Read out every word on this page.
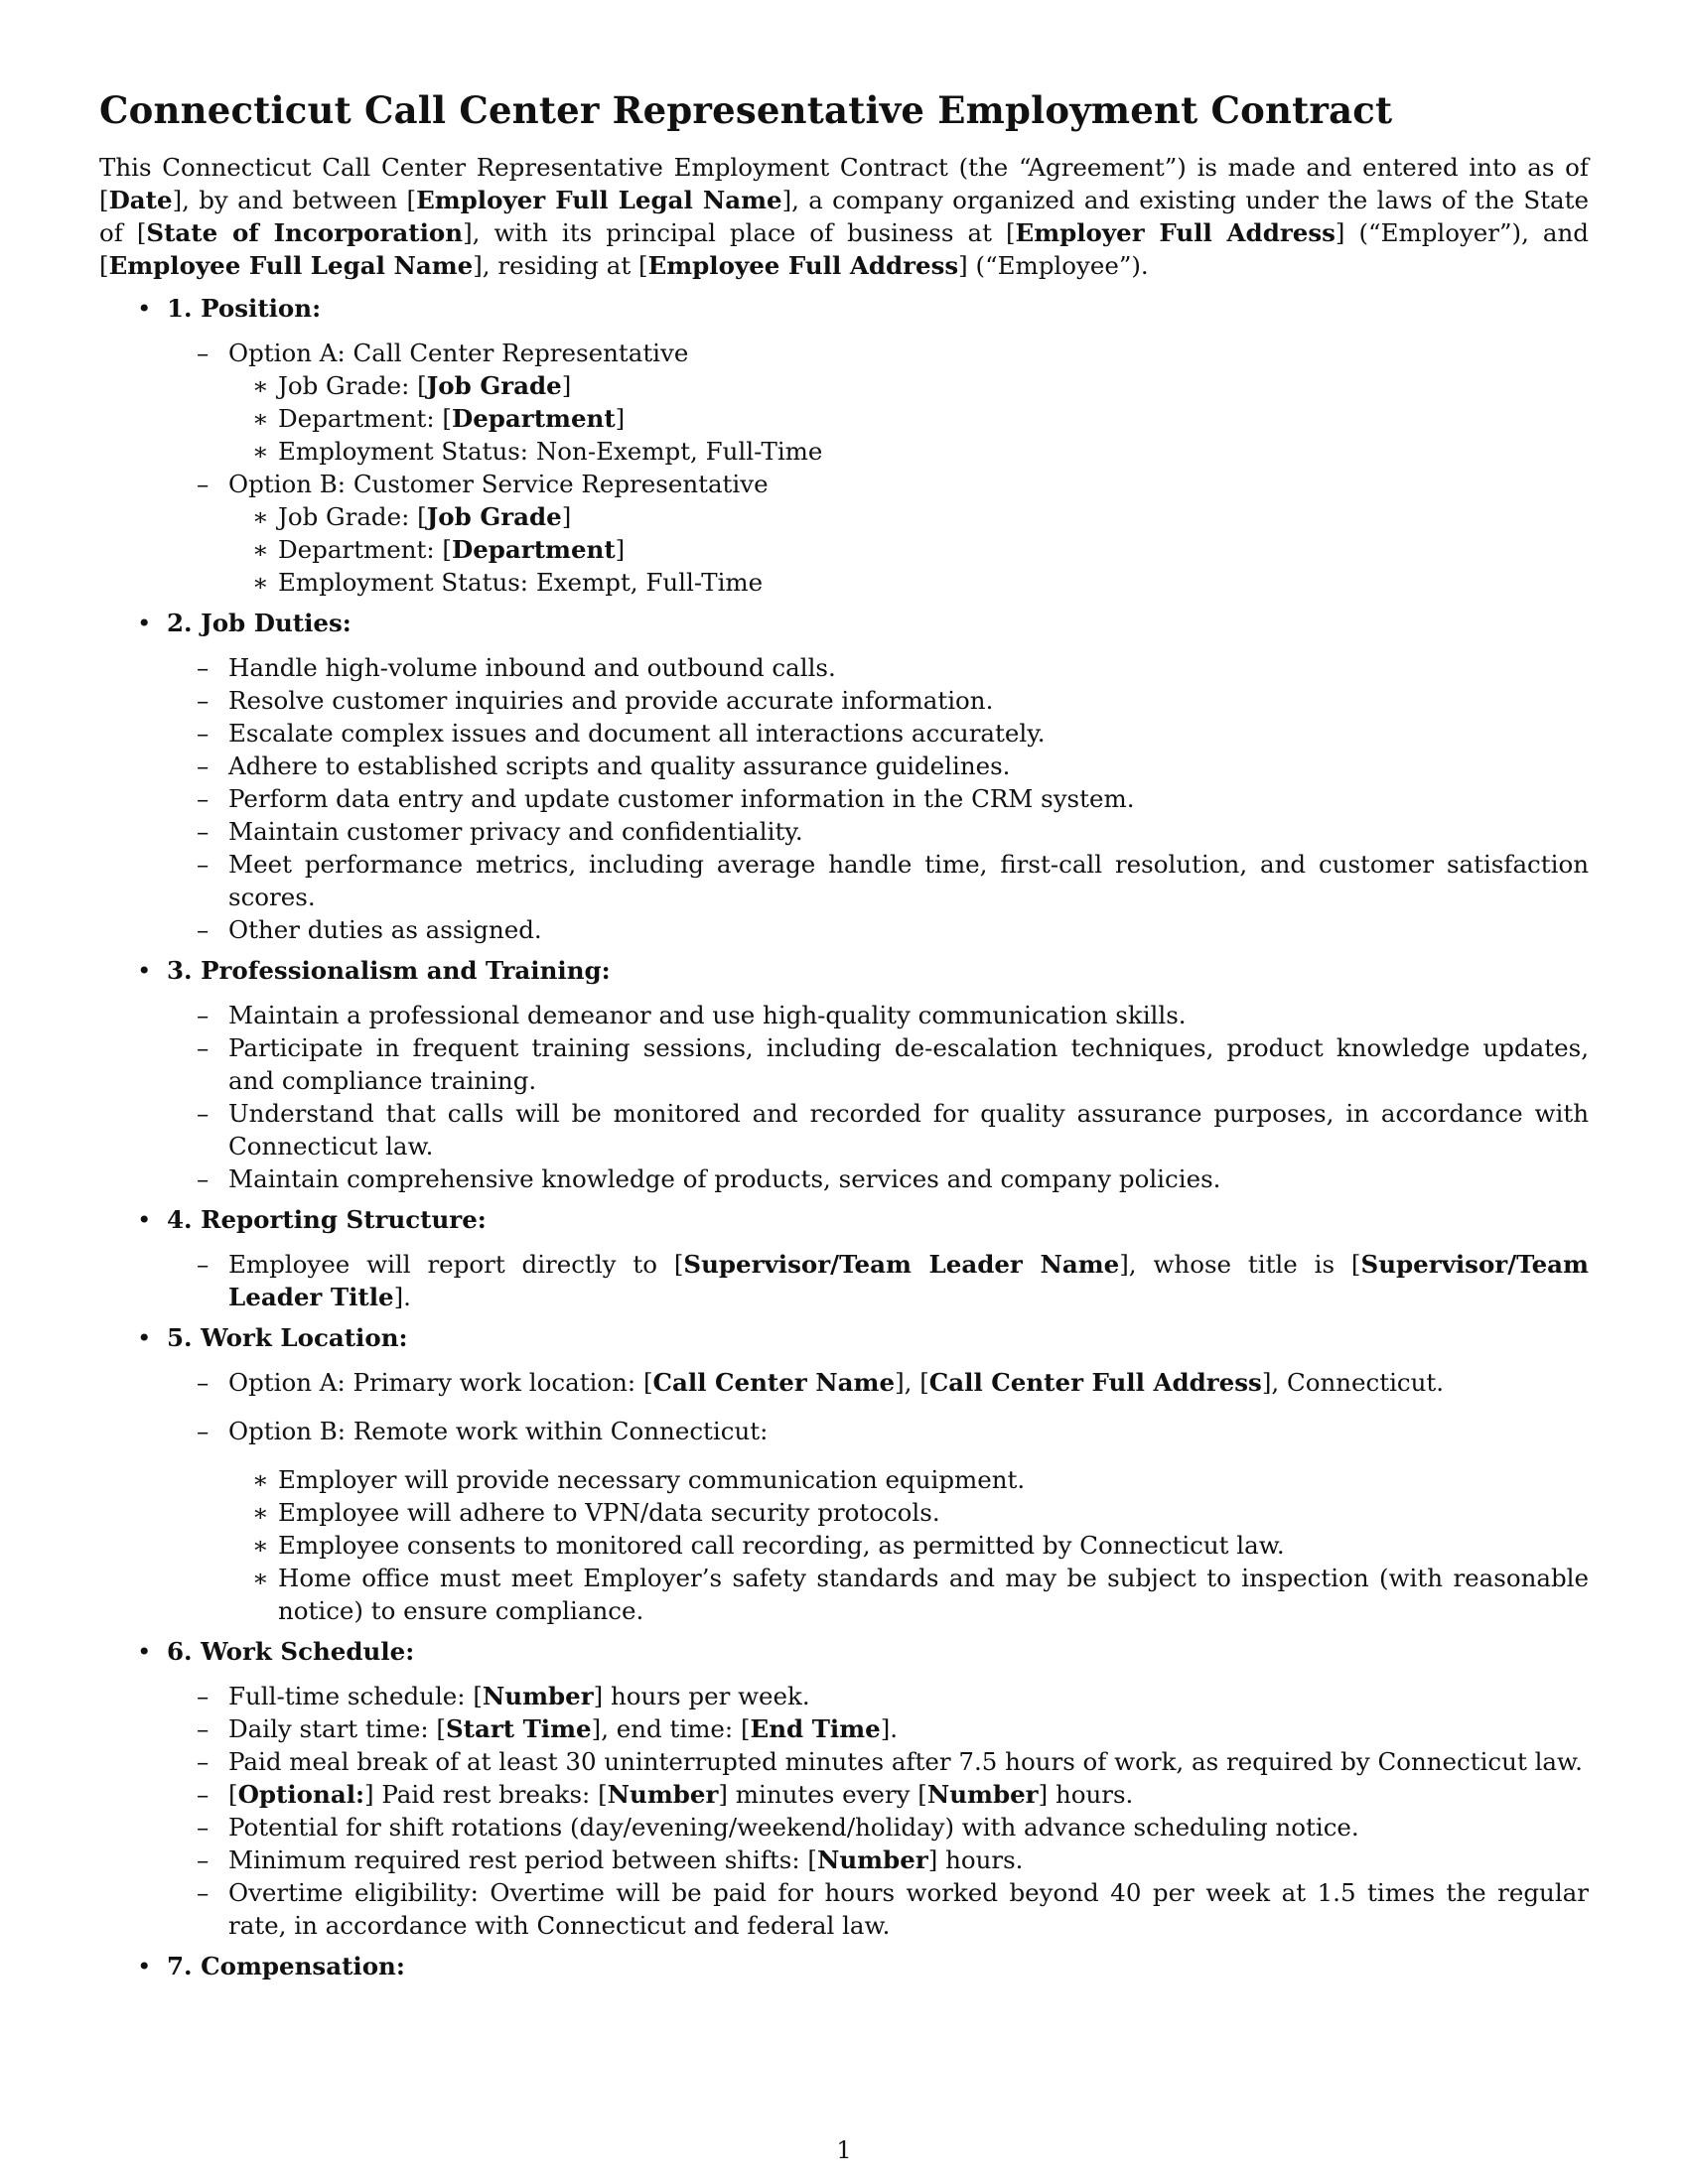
Connecticut Call Center Representative Employment Contract

This Connecticut Call Center Representative Employment Contract (the “Agreement”) is made and entered into as of [Date], by and between [Employer Full Legal Name], a company organized and existing under the laws of the State of [State of Incorporation], with its principal place of business at [Employer Full Address] (“Employer”), and [Employee Full Legal Name], residing at [Employee Full Address] (“Employee”).

• 1. Position:
– Option A: Call Center Representative
∗ Job Grade: [Job Grade]
∗ Department: [Department]
∗ Employment Status: Non-Exempt, Full-Time
– Option B: Customer Service Representative
∗ Job Grade: [Job Grade]
∗ Department: [Department]
∗ Employment Status: Exempt, Full-Time
• 2. Job Duties:
– Handle high-volume inbound and outbound calls.
– Resolve customer inquiries and provide accurate information.
– Escalate complex issues and document all interactions accurately.
– Adhere to established scripts and quality assurance guidelines.
– Perform data entry and update customer information in the CRM system.
– Maintain customer privacy and confidentiality.
– Meet performance metrics, including average handle time, first-call resolution, and customer satisfaction scores.
– Other duties as assigned.
• 3. Professionalism and Training:
– Maintain a professional demeanor and use high-quality communication skills.
– Participate in frequent training sessions, including de-escalation techniques, product knowledge updates, and compliance training.
– Understand that calls will be monitored and recorded for quality assurance purposes, in accordance with Connecticut law.
– Maintain comprehensive knowledge of products, services and company policies.
• 4. Reporting Structure:
– Employee will report directly to [Supervisor/Team Leader Name], whose title is [Supervisor/Team Leader Title].
• 5. Work Location:
– Option A: Primary work location: [Call Center Name], [Call Center Full Address], Connecticut.
– Option B: Remote work within Connecticut:
∗ Employer will provide necessary communication equipment.
∗ Employee will adhere to VPN/data security protocols.
∗ Employee consents to monitored call recording, as permitted by Connecticut law.
∗ Home office must meet Employer’s safety standards and may be subject to inspection (with reasonable notice) to ensure compliance.
• 6. Work Schedule:
– Full-time schedule: [Number] hours per week.
– Daily start time: [Start Time], end time: [End Time].
– Paid meal break of at least 30 uninterrupted minutes after 7.5 hours of work, as required by Connecticut law.
– [Optional:] Paid rest breaks: [Number] minutes every [Number] hours.
– Potential for shift rotations (day/evening/weekend/holiday) with advance scheduling notice.
– Minimum required rest period between shifts: [Number] hours.
– Overtime eligibility: Overtime will be paid for hours worked beyond 40 per week at 1.5 times the regular rate, in accordance with Connecticut and federal law.
• 7. Compensation:
1
